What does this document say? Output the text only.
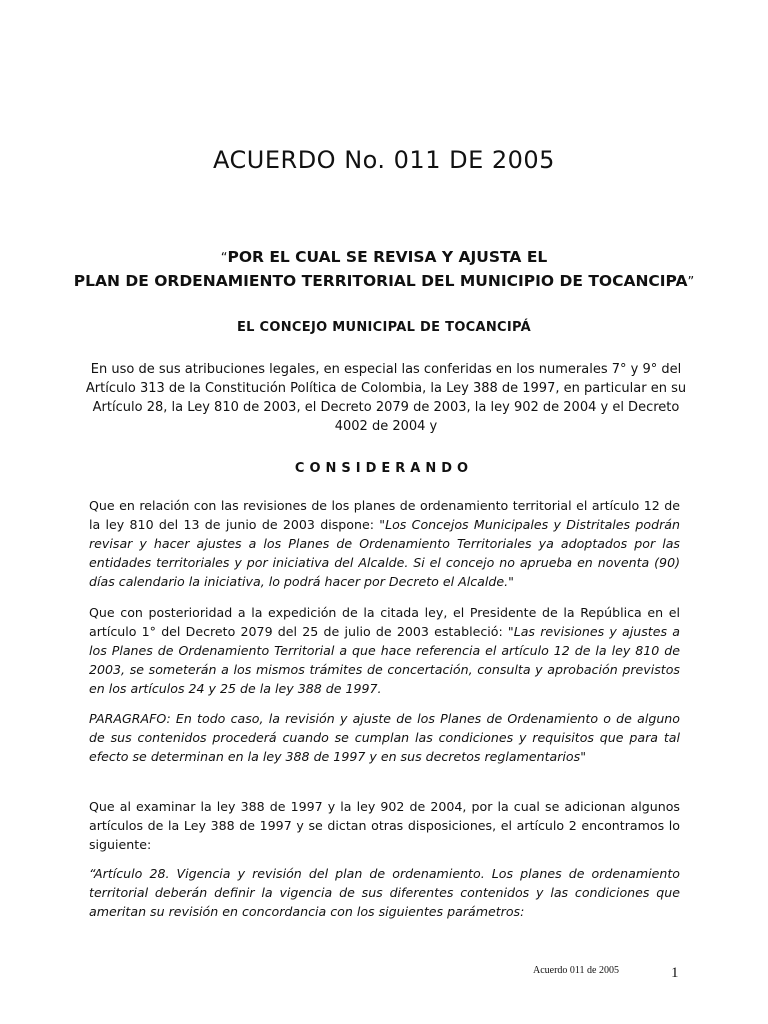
ACUERDO No. 011 DE 2005
“POR EL CUAL SE REVISA Y AJUSTA EL
PLAN DE ORDENAMIENTO TERRITORIAL DEL MUNICIPIO DE TOCANCIPA”
EL CONCEJO MUNICIPAL DE TOCANCIPÁ
En uso de sus atribuciones legales, en especial las conferidas en los numerales 7° y 9° del Artículo 313 de la Constitución Política de Colombia, la Ley 388 de 1997, en particular en su Artículo 28, la Ley 810 de 2003, el Decreto 2079 de 2003, la ley 902 de 2004 y el Decreto 4002 de 2004 y
CONSIDERANDO
Que en relación con las revisiones de los planes de ordenamiento territorial el artículo 12 de la ley 810 del 13 de junio de 2003 dispone: "Los Concejos Municipales y Distritales podrán revisar y hacer ajustes a los Planes de Ordenamiento Territoriales ya adoptados por las entidades territoriales y por iniciativa del Alcalde. Si el concejo no aprueba en noventa (90) días calendario la iniciativa, lo podrá hacer por Decreto el Alcalde."
Que con posterioridad a la expedición de la citada ley, el Presidente de la República en el artículo 1° del Decreto 2079 del 25 de julio de 2003 estableció: "Las revisiones y ajustes a los Planes de Ordenamiento Territorial a que hace referencia el artículo 12 de la ley 810 de 2003, se someterán a los mismos trámites de concertación, consulta y aprobación previstos en los artículos 24 y 25 de la ley 388 de 1997.
PARAGRAFO: En todo caso, la revisión y ajuste de los Planes de Ordenamiento o de alguno de sus contenidos procederá cuando se cumplan las condiciones y requisitos que para tal efecto se determinan en la ley 388 de 1997 y en sus decretos reglamentarios"
Que al examinar la ley 388 de 1997 y la ley 902 de 2004, por la cual se adicionan algunos artículos de la Ley 388 de 1997 y se dictan otras disposiciones, el artículo 2 encontramos lo siguiente:
“Artículo 28. Vigencia y revisión del plan de ordenamiento. Los planes de ordenamiento territorial deberán definir la vigencia de sus diferentes contenidos y las condiciones que ameritan su revisión en concordancia con los siguientes parámetros:
Acuerdo 011 de 2005	1
